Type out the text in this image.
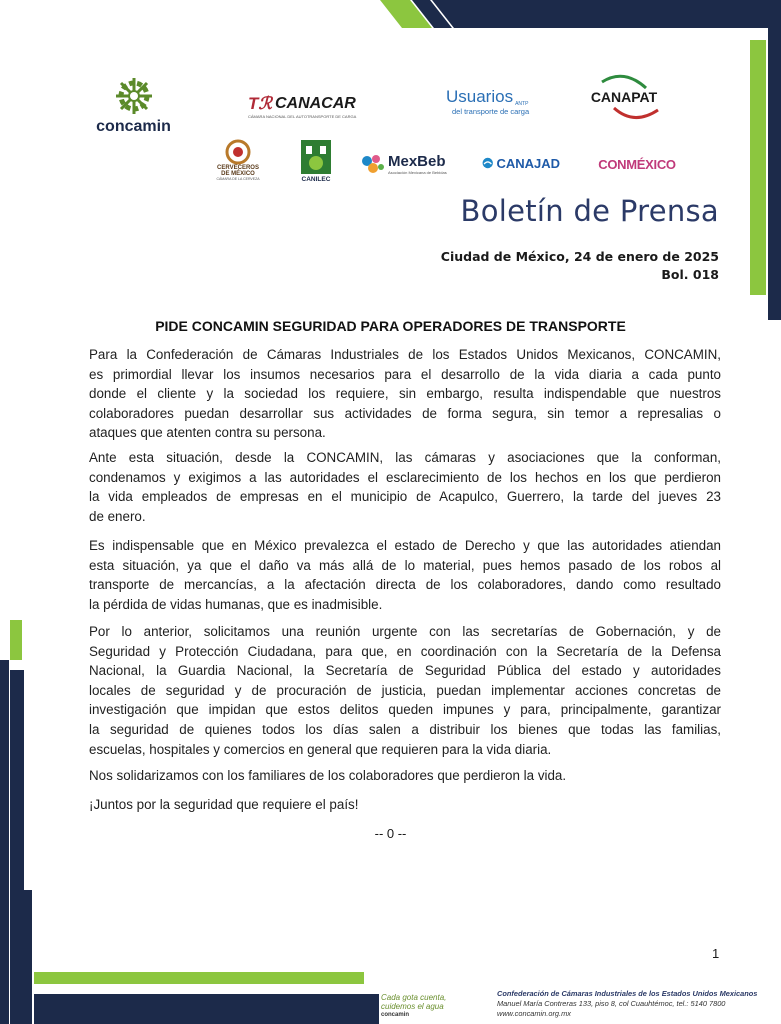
concamin
Tℛ CANACAR
CÁMARA NACIONAL DEL AUTOTRANSPORTE DE CARGA
Usuarios ANTP
del transporte de carga
CANAPAT
CERVECEROS
DE MÉXICO
CÁMARA DE LA CERVEZA	CANILEC
MexBeb
Asociación Mexicana de Bebidas
CANAJAD	CONMÉXICO
Boletín de Prensa
Ciudad de México, 24 de enero de 2025
Bol. 018
PIDE CONCAMIN SEGURIDAD PARA OPERADORES DE TRANSPORTE
Para la Confederación de Cámaras Industriales de los Estados Unidos Mexicanos, CONCAMIN,
es primordial llevar los insumos necesarios para el desarrollo de la vida diaria a cada punto
donde el cliente y la sociedad los requiere, sin embargo, resulta indispendable que nuestros
colaboradores puedan desarrollar sus actividades de forma segura, sin temor a represalias o
ataques que atenten contra su persona.
Ante esta situación, desde la CONCAMIN, las cámaras y asociaciones que la conforman,
condenamos y exigimos a las autoridades el esclarecimiento de los hechos en los que perdieron
la vida empleados de empresas en el municipio de Acapulco, Guerrero, la tarde del jueves 23
de enero.
Es indispensable que en México prevalezca el estado de Derecho y que las autoridades atiendan
esta situación, ya que el daño va más allá de lo material, pues hemos pasado de los robos al
transporte de mercancías, a la afectación directa de los colaboradores, dando como resultado
la pérdida de vidas humanas, que es inadmisible.
Por lo anterior, solicitamos una reunión urgente con las secretarías de Gobernación, y de
Seguridad y Protección Ciudadana, para que, en coordinación con la Secretaría de la Defensa
Nacional, la Guardia Nacional, la Secretaría de Seguridad Pública del estado y autoridades
locales de seguridad y de procuración de justicia, puedan implementar acciones concretas de
investigación que impidan que estos delitos queden impunes y para, principalmente, garantizar
la seguridad de quienes todos los días salen a distribuir los bienes que todas las familias,
escuelas, hospitales y comercios en general que requieren para la vida diaria.
Nos solidarizamos con los familiares de los colaboradores que perdieron la vida.
¡Juntos por la seguridad que requiere el país!
-- 0 --
1
Cada gota cuenta,
cuidemos el agua
concamin
Confederación de Cámaras Industriales de los Estados Unidos Mexicanos
Manuel María Contreras 133, piso 8, col Cuauhtémoc, tel.: 5140 7800
www.concamin.org.mx
